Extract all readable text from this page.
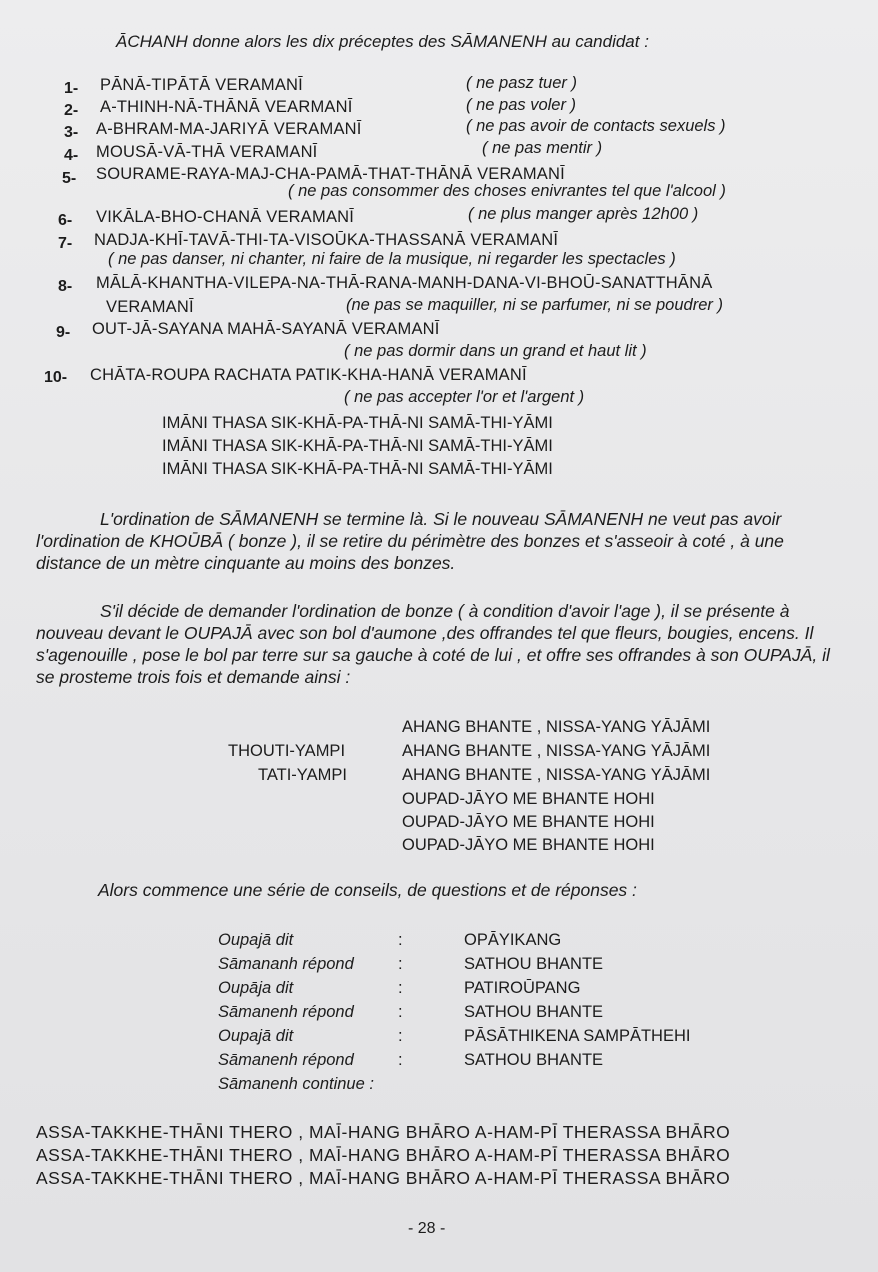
ĀCHANH donne alors les dix préceptes des SĀMANENH au candidat :
1- PĀNĀ-TIPĀTĀ VERAMANĪ	( ne pasz tuer )
2- A-THINH-NĀ-THĀNĀ VEARMANĪ	( ne pas voler )
3- A-BHRAM-MA-JARIYĀ VERAMANĪ	( ne pas avoir de contacts sexuels )
4- MOUSĀ-VĀ-THĀ VERAMANĪ	( ne pas mentir )
5- SOURAME-RAYA-MAJ-CHA-PAMĀ-THAT-THĀNĀ VERAMANĪ
( ne pas consommer des choses enivrantes tel que l'alcool )
6- VIKĀLA-BHO-CHANĀ VERAMANĪ	( ne plus manger après 12h00 )
7- NADJA-KHĪ-TAVĀ-THI-TA-VISOŪKA-THASSANĀ VERAMANĪ
( ne pas danser, ni chanter, ni faire de la musique, ni regarder les spectacles )
8- MĀLĀ-KHANTHA-VILEPA-NA-THĀ-RANA-MANH-DANA-VI-BHOŪ-SANATTHĀNĀ
VERAMANĪ	(ne pas se maquiller, ni se parfumer, ni se poudrer )
9- OUT-JĀ-SAYANA MAHĀ-SAYANĀ VERAMANĪ
( ne pas dormir dans un grand et haut lit )
10- CHĀTA-ROUPA RACHATA PATIK-KHA-HANĀ VERAMANĪ
( ne pas accepter l'or et l'argent )
IMĀNI THASA SIK-KHĀ-PA-THĀ-NI SAMĀ-THI-YĀMI
IMĀNI THASA SIK-KHĀ-PA-THĀ-NI SAMĀ-THI-YĀMI
IMĀNI THASA SIK-KHĀ-PA-THĀ-NI SAMĀ-THI-YĀMI

L'ordination de SĀMANENH se termine là. Si le nouveau SĀMANENH ne veut pas avoir l'ordination de KHOŪBĀ ( bonze ), il se retire du périmètre des bonzes et s'asseoir à coté , à une distance de un mètre cinquante au moins des bonzes.

S'il décide de demander l'ordination de bonze ( à condition d'avoir l'age ), il se présente à nouveau devant le OUPAJĀ avec son bol d'aumone ,des offrandes tel que fleurs, bougies, encens. Il s'agenouille , pose le bol par terre sur sa gauche à coté de lui , et offre ses offrandes à son OUPAJĀ, il se prosteme trois fois et demande ainsi :

AHANG BHANTE , NISSA-YANG YĀJĀMI
THOUTI-YAMPI	AHANG BHANTE , NISSA-YANG YĀJĀMI
TATI-YAMPI	AHANG BHANTE , NISSA-YANG YĀJĀMI
OUPAD-JĀYO ME BHANTE HOHI
OUPAD-JĀYO ME BHANTE HOHI
OUPAD-JĀYO ME BHANTE HOHI
Alors commence une série de conseils, de questions et de réponses :
Oupajā dit	:	OPĀYIKANG
Sāmananh répond	:	SATHOU BHANTE
Oupāja dit	:	PATIROŪPANG
Sāmanenh répond	:	SATHOU BHANTE
Oupajā dit	:	PĀSĀTHIKENA SAMPĀTHEHI
Sāmanenh répond	:	SATHOU BHANTE
Sāmanenh continue :
ASSA-TAKKHE-THĀNI THERO , MAĪ-HANG BHĀRO A-HAM-PĪ THERASSA BHĀRO
ASSA-TAKKHE-THĀNI THERO , MAĪ-HANG BHĀRO A-HAM-PĪ THERASSA BHĀRO
ASSA-TAKKHE-THĀNI THERO , MAĪ-HANG BHĀRO A-HAM-PĪ THERASSA BHĀRO
- 28 -
